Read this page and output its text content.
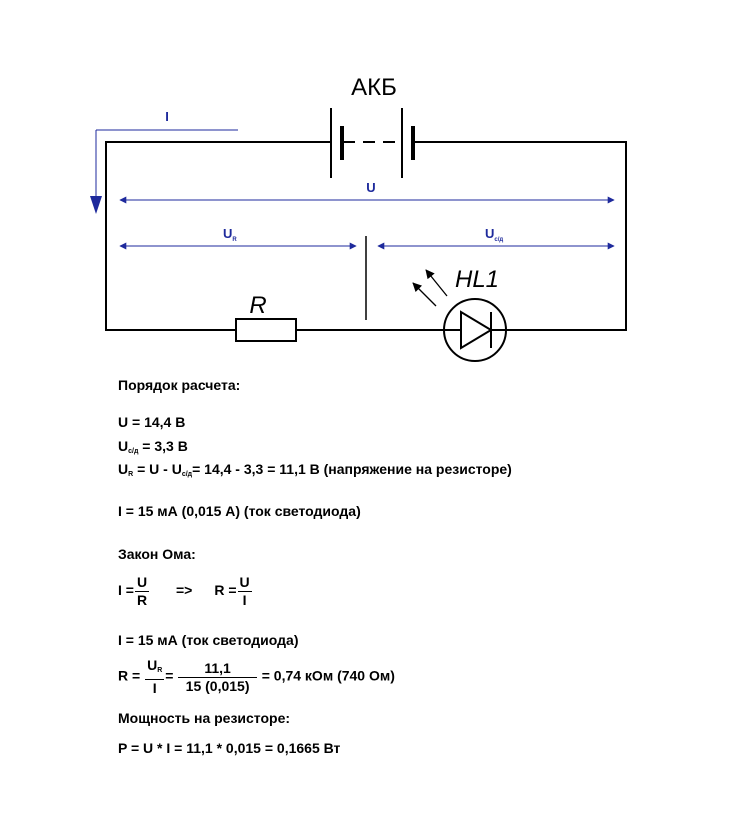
АКБ
I
U
$U_R$	$U_{с/д}$
R
HL1
Порядок расчета:
U = 14,4 В
$U_{с/д} = 3,3$ В
$U_R = U - U_{с/д}= 14,4 - 3,3 = 11,1$ В (напряжение на резисторе)
I = 15 мА (0,015 А) (ток светодиода)
Закон Ома:
$I = \frac{U}{R} => R = \frac{U}{I}$
I = 15 мА (ток светодиода)
$R = \frac{U_R}{I} = \frac{11,1}{15 (0,015)} = 0,74$ кОм (740 Ом)
Мощность на резисторе:
P = U * I = 11,1 * 0,015 = 0,1665 Вт
